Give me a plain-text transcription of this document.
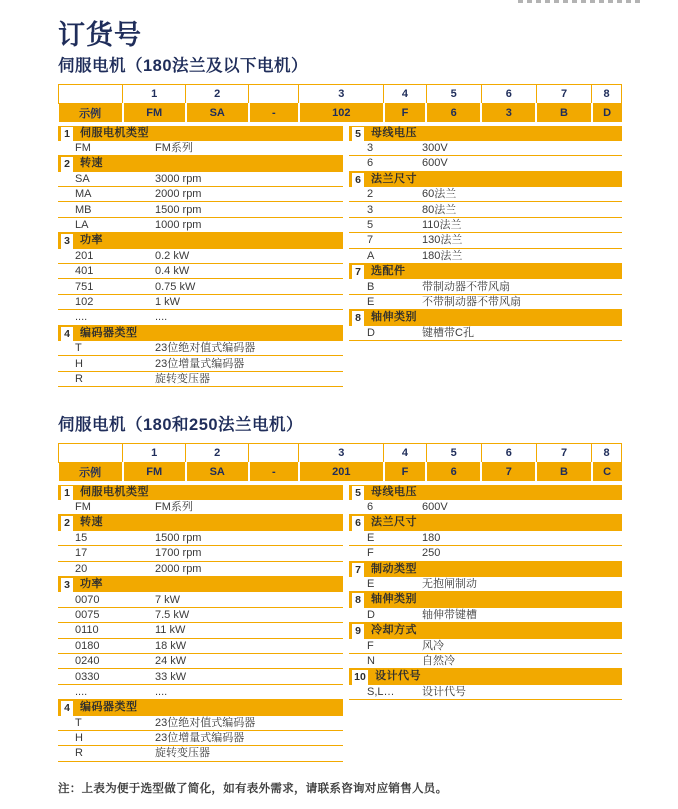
订货号
伺服电机（180法兰及以下电机）
	1	2		3	4	5	6	7	8
示例	FM	SA	-	102	F	6	3	B	D
1 伺服电机类型
FM	FM系列
2 转速
SA	3000 rpm
MA	2000 rpm
MB	1500 rpm
LA	1000 rpm
3 功率
201	0.2 kW
401	0.4 kW
751	0.75 kW
102	1 kW
....	....
4 编码器类型
T	23位绝对值式编码器
H	23位增量式编码器
R	旋转变压器
5 母线电压
3	300V
6	600V
6 法兰尺寸
2	60法兰
3	80法兰
5	110法兰
7	130法兰
A	180法兰
7 选配件
B	带制动器不带风扇
E	不带制动器不带风扇
8 轴伸类别
D	键槽带C孔
伺服电机（180和250法兰电机）
	1	2		3	4	5	6	7	8
示例	FM	SA	-	201	F	6	7	B	C
1 伺服电机类型
FM	FM系列
2 转速
15	1500 rpm
17	1700 rpm
20	2000 rpm
3 功率
0070	7 kW
0075	7.5 kW
0110	11 kW
0180	18 kW
0240	24 kW
0330	33 kW
....	....
4 编码器类型
T	23位绝对值式编码器
H	23位增量式编码器
R	旋转变压器
5 母线电压
6	600V
6 法兰尺寸
E	180
F	250
7 制动类型
E	无抱闸制动
8 轴伸类别
D	轴伸带键槽
9 冷却方式
F	风冷
N	自然冷
10 设计代号
S,L…	设计代号
注：上表为便于选型做了简化，如有表外需求，请联系咨询对应销售人员。
